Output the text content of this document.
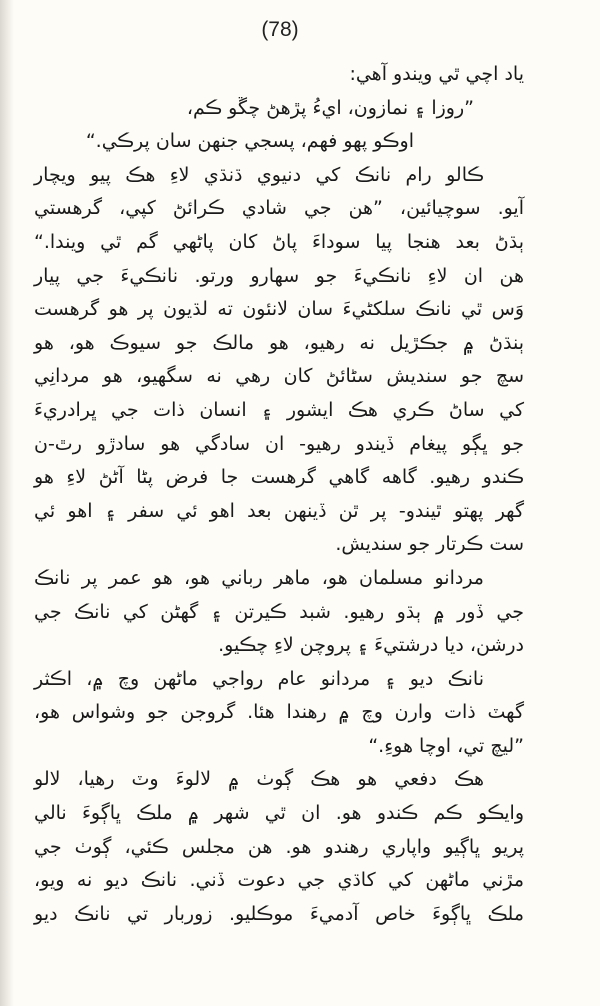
(78)
ياد اچي ٿي ويندو آهي:
”روزا ۽ نمازون، ايءُ پڙهڻ چڱو ڪم،
اوڪو پهو فهم، پسجي جنهن سان پرڪي.“
ڪالو رام نانڪ کي دنيوي ڌنڌي لاءِ هڪ پيو ويچار
آيو. سوچيائين، ”هن جي شادي ڪرائڻ کپي، گرهستي
ٻڌڻ بعد هنجا پيا سوداءَ پاڻ کان پاڻهي گم ٿي ويندا.“
هن ان لاءِ نانڪيءَ جو سهارو ورتو. نانڪيءَ جي پيار
وَس ٿي نانڪ سلکڻيءَ سان لانئون ته لڌيون پر هو گرهست
ٻنڌڻ ۾ جڪڙيل نه رهيو، هو مالڪ جو سيوڪ هو، هو
سچ جو سنديش سڻائڻ کان رهي نه سگهيو، هو مردانِي
کي ساڻ ڪري هڪ ايشور ۽ انسان ذات جي ڀرادريءَ
جو ڀڳو پيغام ڏيندو رهيو- ان سادگي هو سادڙو رٿ-ن
ڪندو رهيو. گاهه گاهي گرهست جا فرض پڻا آڻڻ لاءِ هو
گهر پهتو ٿيندو- پر ٿن ڏينهن بعد اهو ئي سفر ۽ اهو ئي
ست ڪرتار جو سنديش.
مردانو مسلمان هو، ماهر رباني هو، هو عمر پر نانڪ
جي ڏور ۾ ٻڌو رهيو. شبد ڪيرتن ۽ گهڻن کي نانڪ جي
درشن، ديا درشتيءَ ۽ پروچن لاءِ چڪيو.
نانڪ ديو ۽ مردانو عام رواجي ماڻهن وچ ۾، اڪثر
گهٽ ذات وارن وچ ۾ رهندا هئا. گروجن جو وشواس هو،
”ليچ تي، اوچا هوءِ.“
هڪ دفعي هو هڪ ڳوٺ ۾ لالوءَ وٽ رهيا، لالو
وايڪو ڪم ڪندو هو. ان ٿي شهر ۾ ملڪ ڀاڳوءَ نالي
پريو ڀاڳيو واپاري رهندو هو. هن مجلس ڪئي، ڳوٺ جي
مڙني ماڻهن کي کاڌي جي دعوت ڏني. نانڪ ديو نه ويو،
ملڪ ڀاڳوءَ خاص آدميءَ موڪليو. زوربار تي نانڪ ديو
